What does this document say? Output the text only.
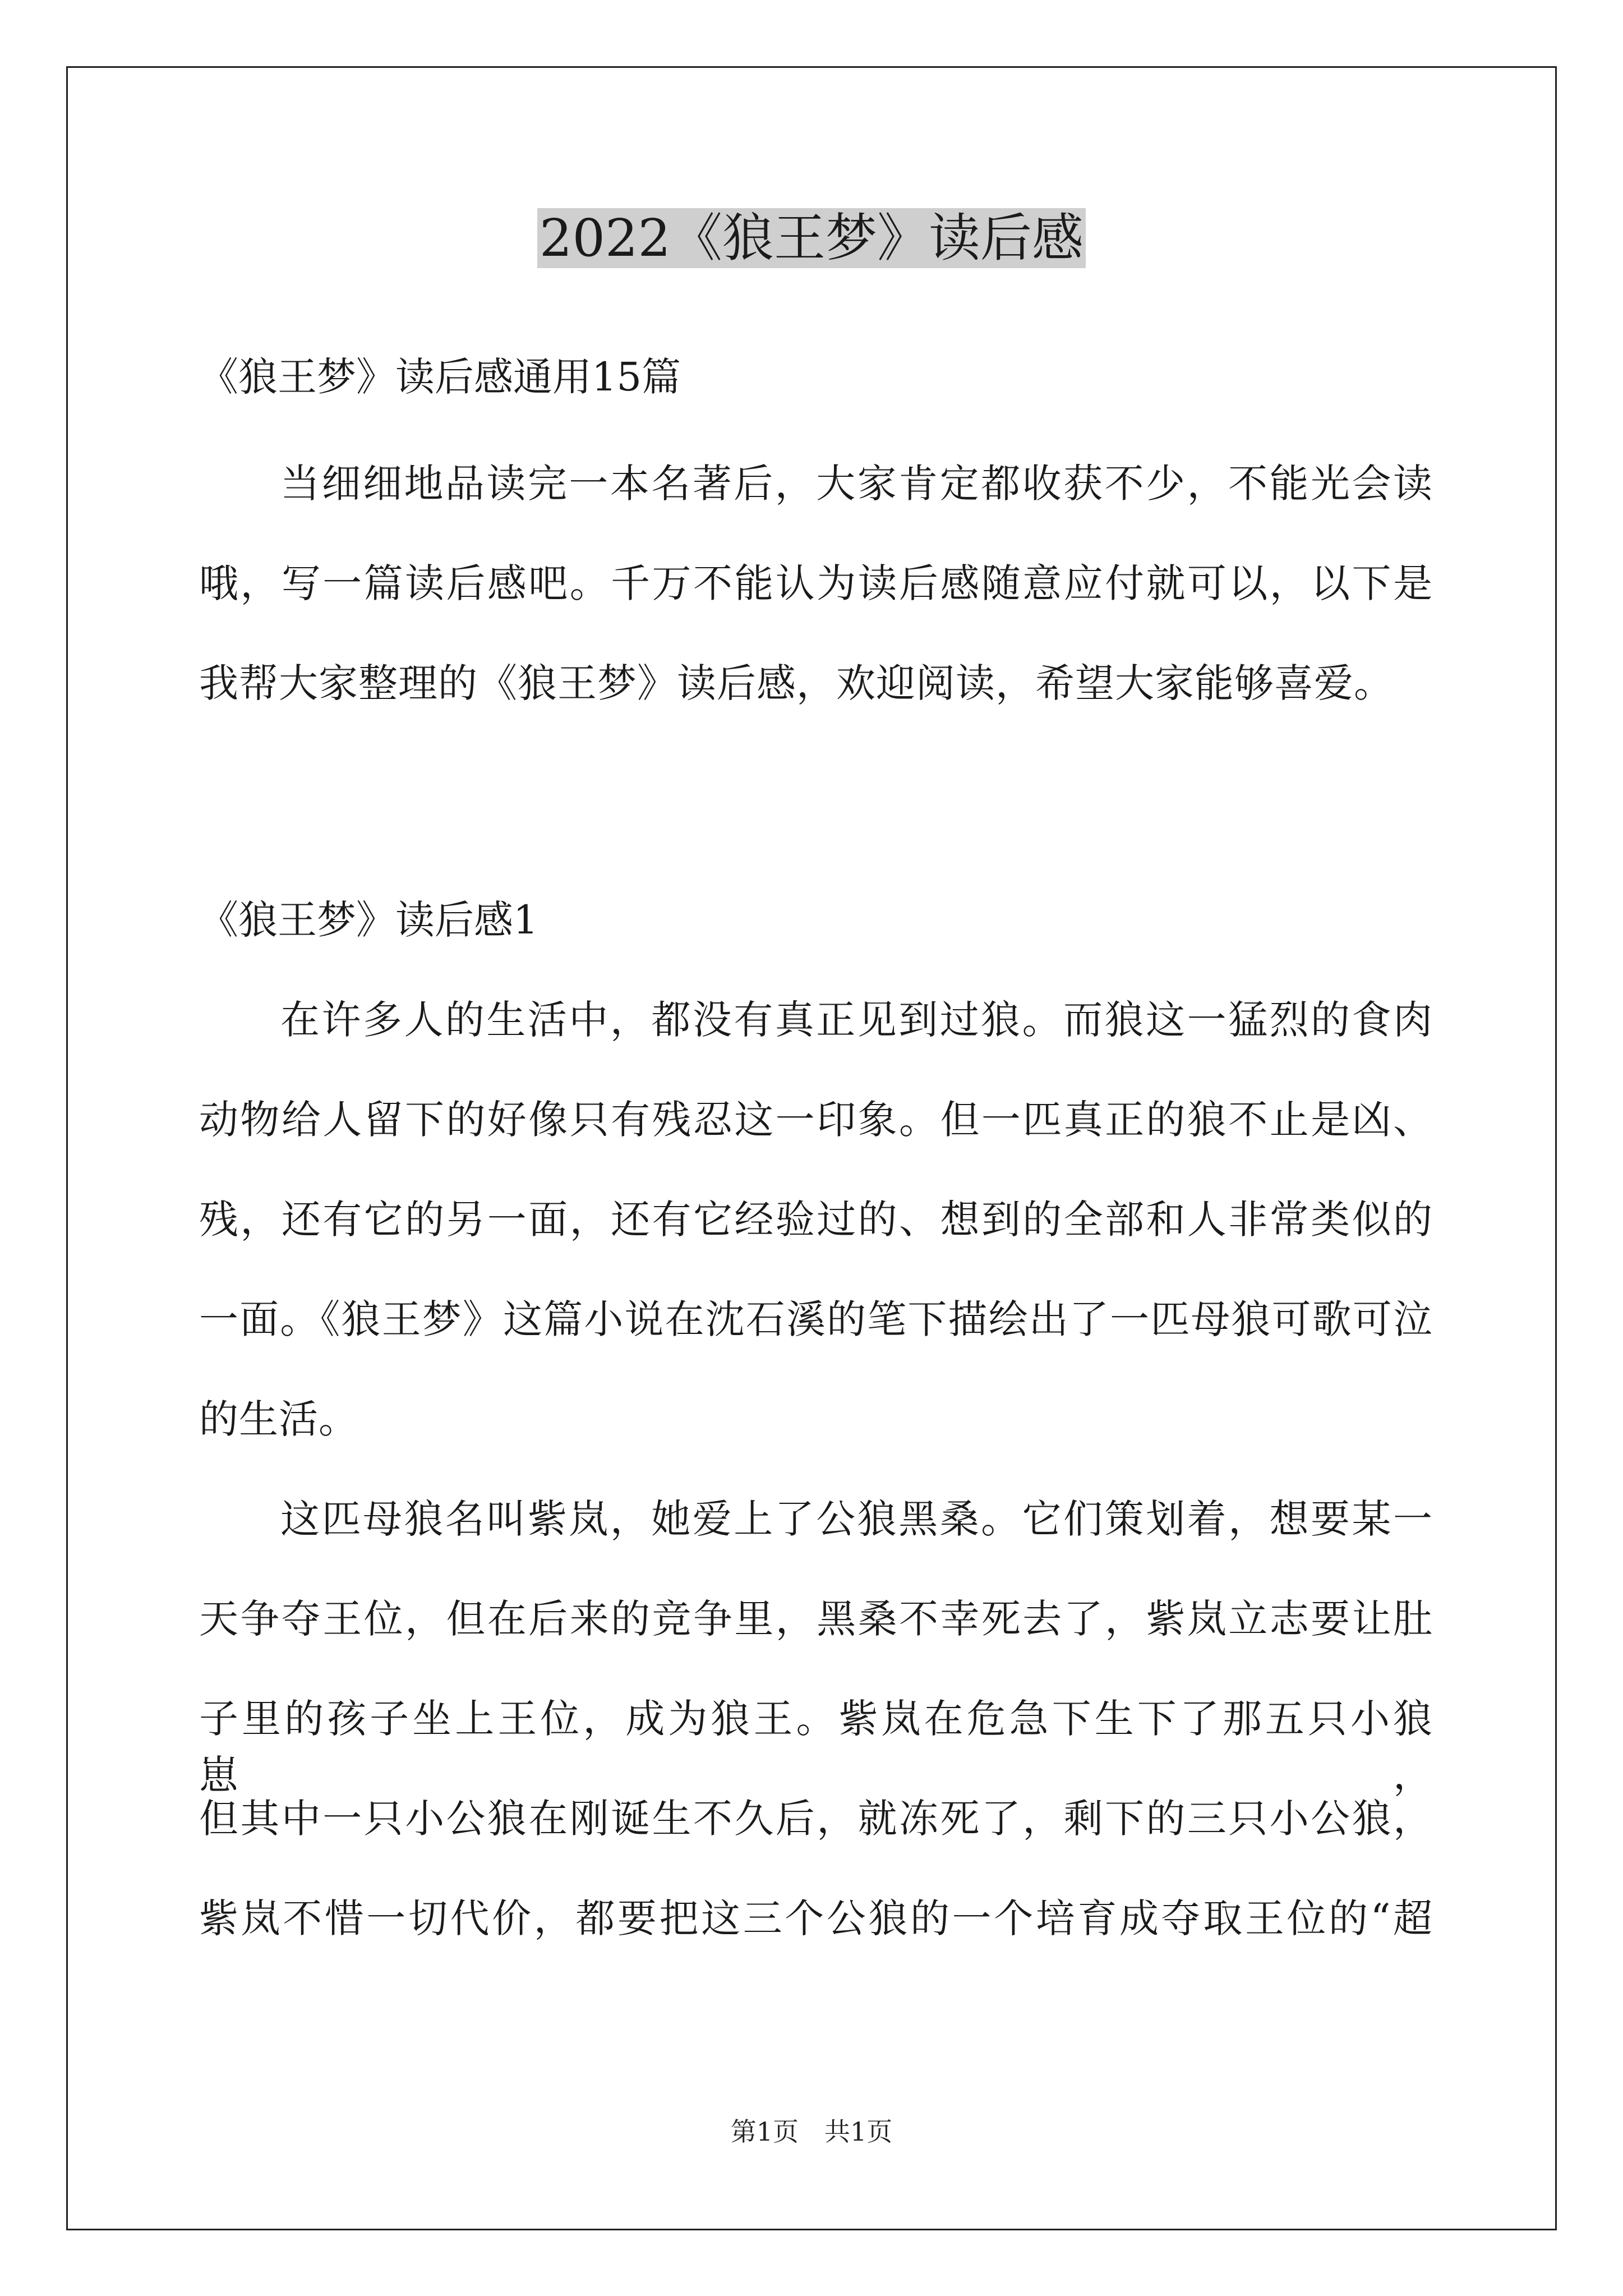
2022《狼王梦》读后感

《狼王梦》读后感通用15篇

当细细地品读完一本名著后，大家肯定都收获不少，不能光会读

哦，写一篇读后感吧。千万不能认为读后感随意应付就可以，以下是

我帮大家整理的《狼王梦》读后感，欢迎阅读，希望大家能够喜爱。

《狼王梦》读后感1

在许多人的生活中，都没有真正见到过狼。而狼这一猛烈的食肉

动物给人留下的好像只有残忍这一印象。但一匹真正的狼不止是凶、

残，还有它的另一面，还有它经验过的、想到的全部和人非常类似的

一面。《狼王梦》这篇小说在沈石溪的笔下描绘出了一匹母狼可歌可泣

的生活。

这匹母狼名叫紫岚，她爱上了公狼黑桑。它们策划着，想要某一

天争夺王位，但在后来的竞争里，黑桑不幸死去了，紫岚立志要让肚

子里的孩子坐上王位，成为狼王。紫岚在危急下生下了那五只小狼崽，

但其中一只小公狼在刚诞生不久后，就冻死了，剩下的三只小公狼，

紫岚不惜一切代价，都要把这三个公狼的一个培育成夺取王位的“超

第1页　共1页
